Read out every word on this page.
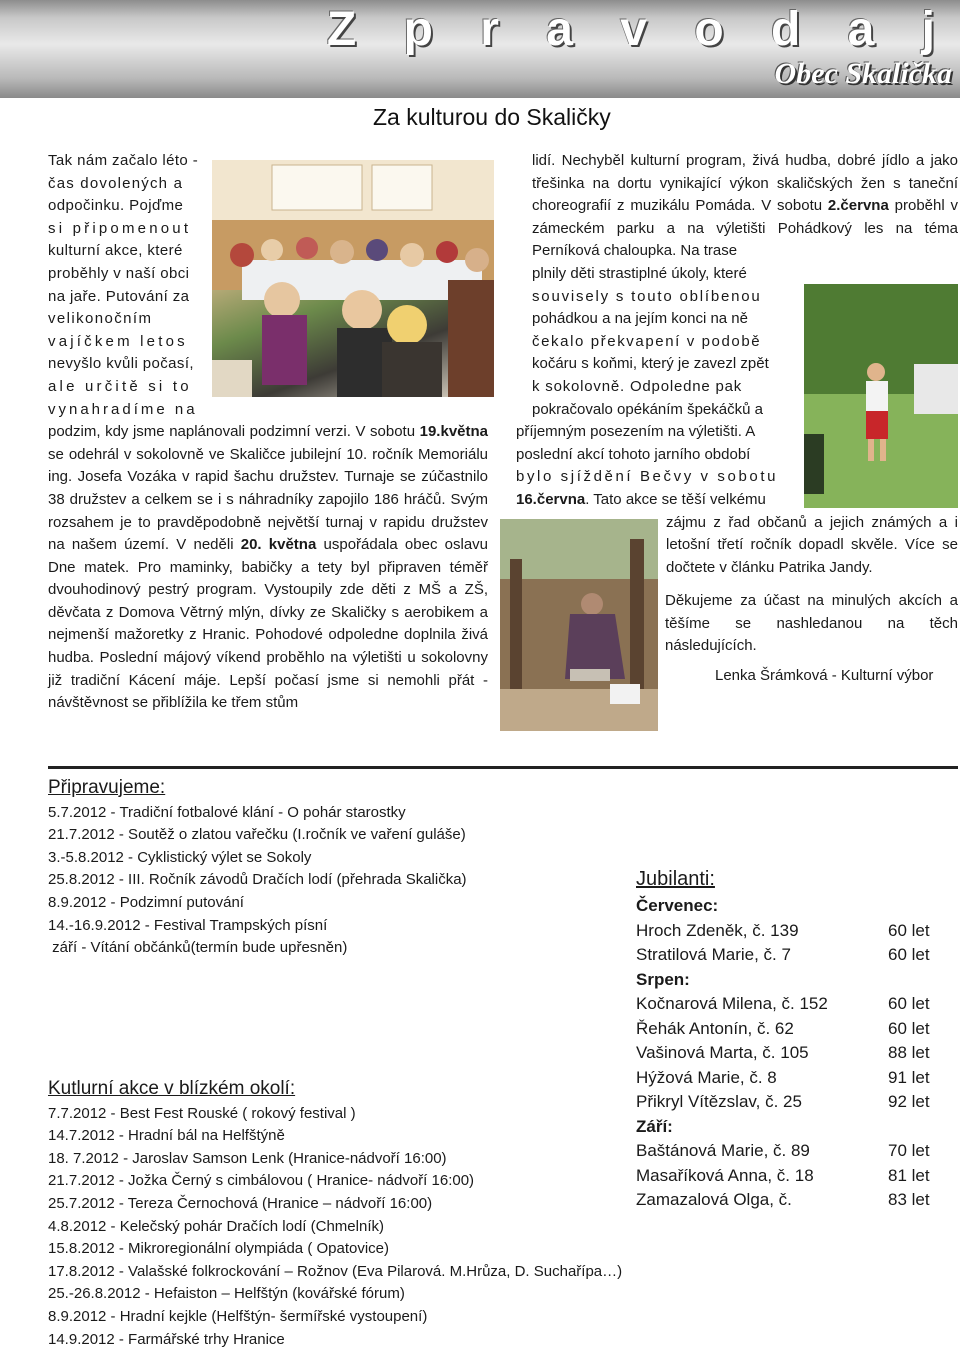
Z p r a v o d a j
Obec Skalička
Za kulturou do Skaličky
Tak nám začalo léto -
čas dovolených a
odpočinku. Pojďme
si připomenout
kulturní akce, které
proběhly v naší obci
na jaře. Putování za
velikonočním
vajíčkem letos
nevyšlo kvůli počasí,
ale určitě si to
vynahradíme na
podzim, kdy jsme naplánovali podzimní verzi. V sobotu 19.května se odehrál v sokolovně ve Skaličce jubilejní 10. ročník Memoriálu ing. Josefa Vozáka v rapid šachu družstev. Turnaje se zúčastnilo 38 družstev a celkem se i s náhradníky zapojilo 186 hráčů. Svým rozsahem je to pravděpodobně největší turnaj v rapidu družstev na našem území. V neděli 20. května uspořádala obec oslavu Dne matek. Pro maminky, babičky a tety byl připraven téměř dvouhodinový pestrý program. Vystoupily zde děti z MŠ a ZŠ, děvčata z Domova Větrný mlýn, dívky ze Skaličky s aerobikem a nejmenší mažoretky z Hranic. Pohodové odpoledne doplnila živá hudba. Poslední májový víkend proběhlo na výletišti u sokolovny již tradiční Kácení máje. Lepší počasí jsme si nemohli přát - návštěvnost se přiblížila ke třem stům
lidí. Nechyběl kulturní program, živá hudba, dobré jídlo a jako třešinka na dortu vynikající výkon skaličských žen s taneční choreografií z muzikálu Pomáda. V sobotu 2.června proběhl v zámeckém parku a na výletišti Pohádkový les na téma Perníková chaloupka. Na trase
plnily děti strastiplné úkoly, které
souvisely s touto oblíbenou
pohádkou a na jejím konci na ně
čekalo překvapení v podobě
kočáru s koňmi, který je zavezl zpět
k sokolovně. Odpoledne pak
pokračovalo opékáním špekáčků a
příjemným posezením na výletišti. A
poslední akcí tohoto jarního období
bylo sjíždění Bečvy v sobotu
16.června. Tato akce se těší velkému
zájmu z řad občanů a jejich známých a i letošní třetí ročník dopadl skvěle. Více se dočtete v článku Patrika Jandy.
Děkujeme za účast na minulých akcích a těšíme se nashledanou na těch následujících.
Lenka Šrámková - Kulturní výbor
Připravujeme:
5.7.2012 - Tradiční fotbalové klání - O pohár starostky
21.7.2012 - Soutěž o zlatou vařečku (I.ročník ve vaření guláše)
3.-5.8.2012 - Cyklistický výlet se Sokoly
25.8.2012 - III. Ročník závodů Dračích lodí (přehrada Skalička)
8.9.2012 - Podzimní putování
14.-16.9.2012 - Festival Trampských písní
září - Vítání občánků(termín bude upřesněn)
Kutlurní akce v blízkém okolí:
7.7.2012 - Best Fest Rouské ( rokový festival )
14.7.2012 - Hradní bál na Helfštýně
18. 7.2012 - Jaroslav Samson Lenk (Hranice-nádvoří 16:00)
21.7.2012 - Jožka Černý s cimbálovou ( Hranice- nádvoří 16:00)
25.7.2012 - Tereza Černochová (Hranice – nádvoří 16:00)
4.8.2012 - Kelečský pohár Dračích lodí (Chmelník)
15.8.2012 - Mikroregionální olympiáda ( Opatovice)
17.8.2012 - Valašské folkrockování – Rožnov (Eva Pilarová. M.Hrůza, D. Suchařípa…)
25.-26.8.2012 - Hefaiston – Helfštýn (kovářské fórum)
8.9.2012 - Hradní kejkle (Helfštýn- šermířské vystoupení)
14.9.2012 - Farmářské trhy Hranice
Jubilanti:
Červenec:
Hroch Zdeněk, č. 139	60 let
Stratilová Marie, č. 7	60 let
Srpen:
Kočnarová Milena, č. 152	60 let
Řehák Antonín, č. 62	60 let
Vašinová Marta, č. 105	88 let
Hýžová Marie, č. 8	91 let
Přikryl Vítězslav, č. 25	92 let
Září:
Baštánová Marie, č. 89	70 let
Masaříková Anna, č. 18	81 let
Zamazalová Olga, č.	83 let
